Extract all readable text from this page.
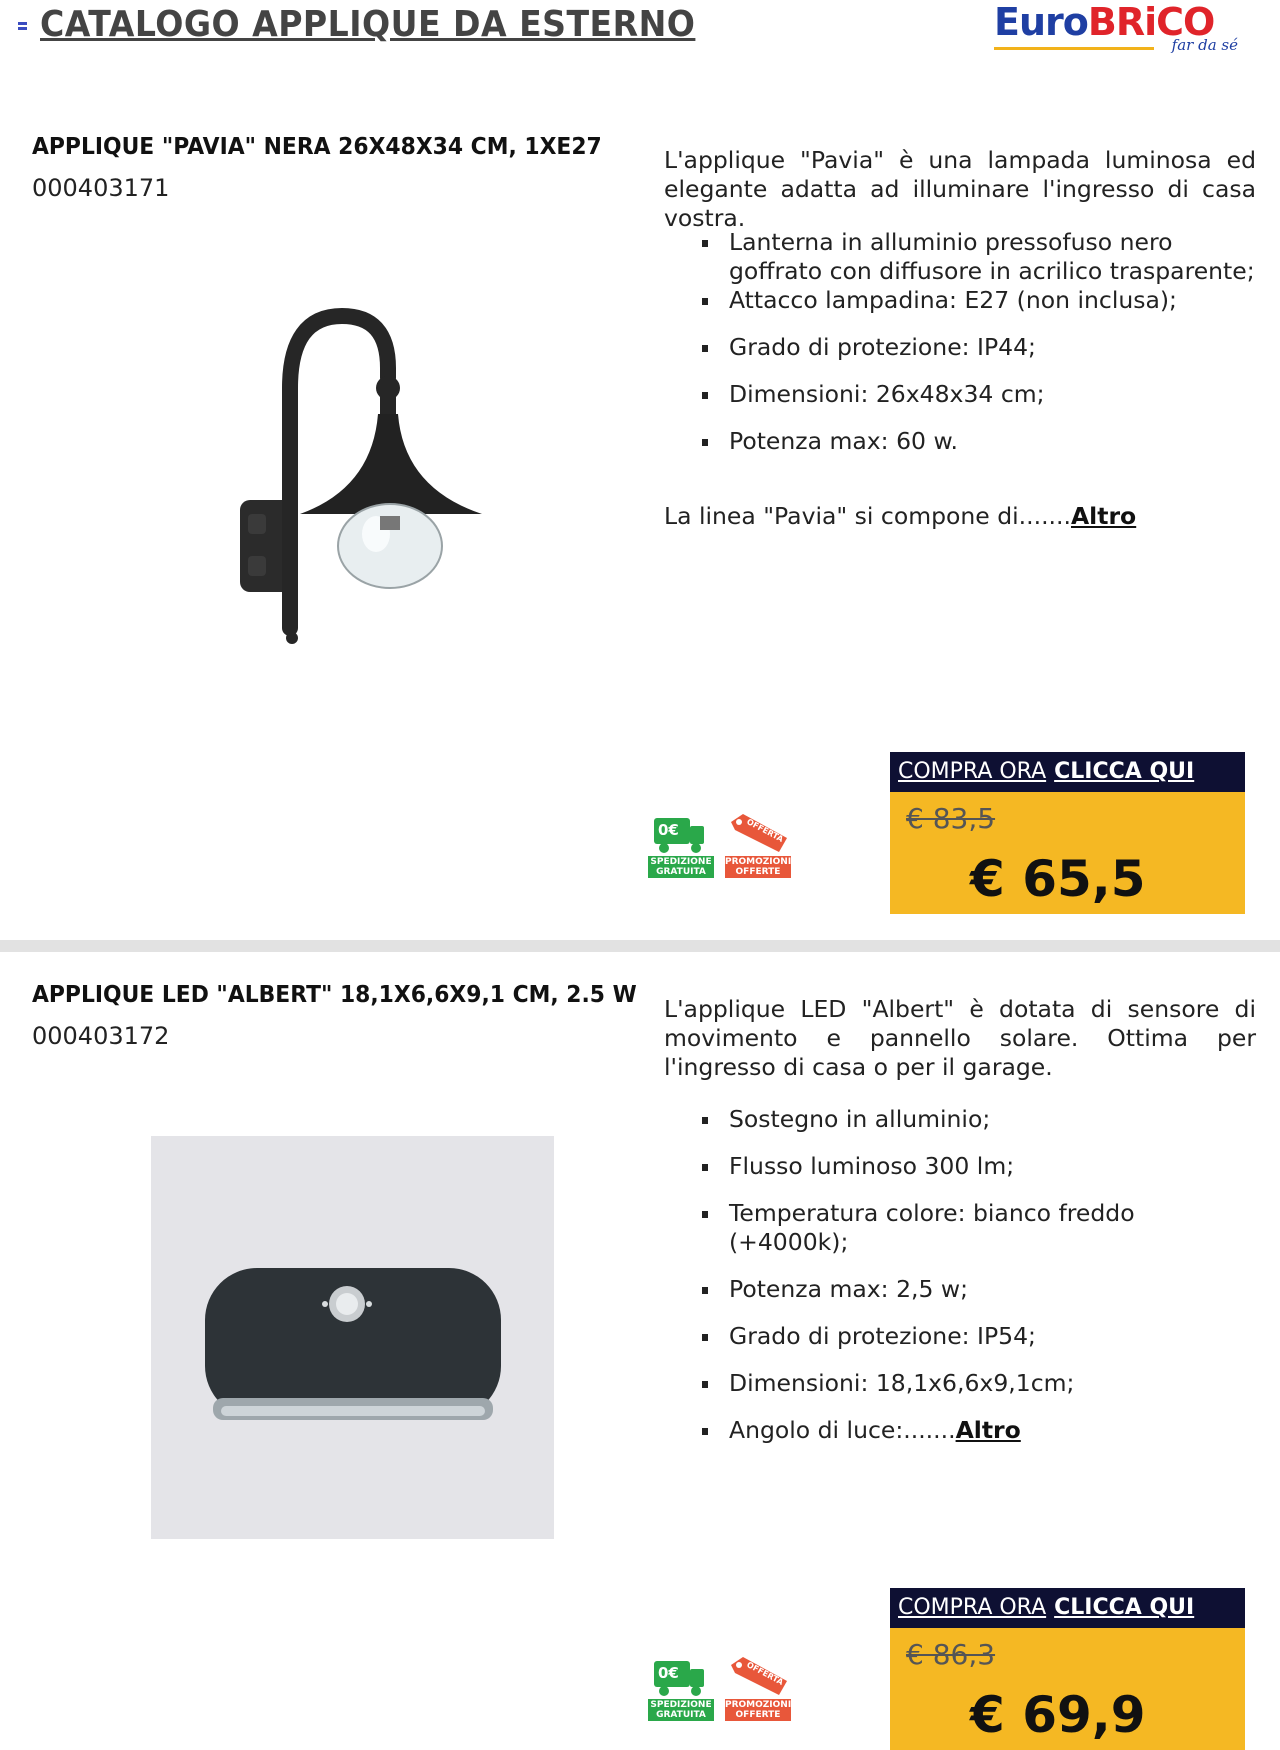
CATALOGO APPLIQUE DA ESTERNO	EuroBRiCO
far da sé
APPLIQUE "PAVIA" NERA 26X48X34 CM, 1XE27
000403171
L'applique "Pavia" è una lampada luminosa ed elegante adatta ad illuminare l'ingresso di casa vostra.
Lanterna in alluminio pressofuso nero goffrato con diffusore in acrilico trasparente;
Attacco lampadina: E27 (non inclusa);
Grado di protezione: IP44;
Dimensioni: 26x48x34 cm;
Potenza max: 60 w.
La linea "Pavia" si compone di.......Altro
0€
SPEDIZIONE GRATUITA
OFFERTA
PROMOZIONI OFFERTE
COMPRA ORA CLICCA QUI
€ 83,5
€ 65,5
APPLIQUE LED "ALBERT" 18,1X6,6X9,1 CM, 2.5 W
000403172
L'applique LED "Albert" è dotata di sensore di movimento e pannello solare. Ottima per l'ingresso di casa o per il garage.
Sostegno in alluminio;
Flusso luminoso 300 lm;
Temperatura colore: bianco freddo (+4000k);
Potenza max: 2,5 w;
Grado di protezione: IP54;
Dimensioni: 18,1x6,6x9,1cm;
Angolo di luce:.......Altro
0€
SPEDIZIONE GRATUITA
OFFERTA
PROMOZIONI OFFERTE
COMPRA ORA CLICCA QUI
€ 86,3
€ 69,9
